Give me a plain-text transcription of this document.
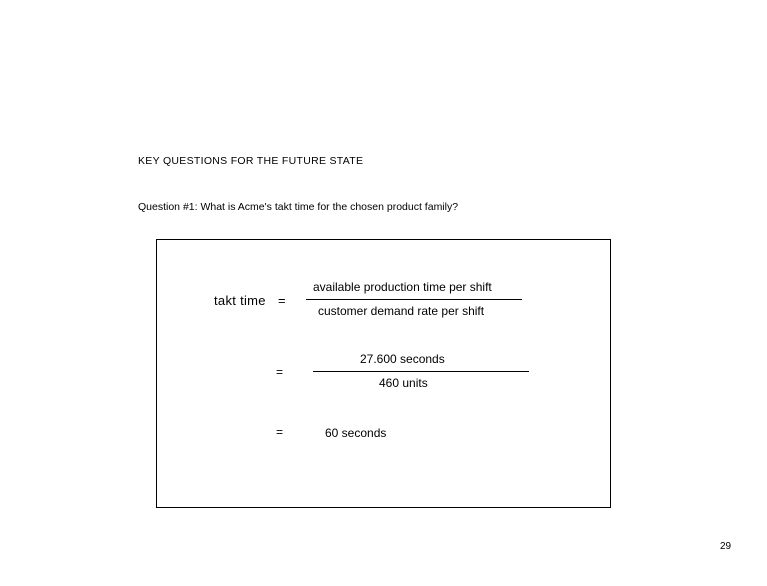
KEY QUESTIONS FOR THE FUTURE STATE
Question #1: What is Acme's takt time for the chosen product family?
takt time =
available production time per shift
customer demand rate per shift
=
27.600 seconds
460 units
=	60 seconds
29
